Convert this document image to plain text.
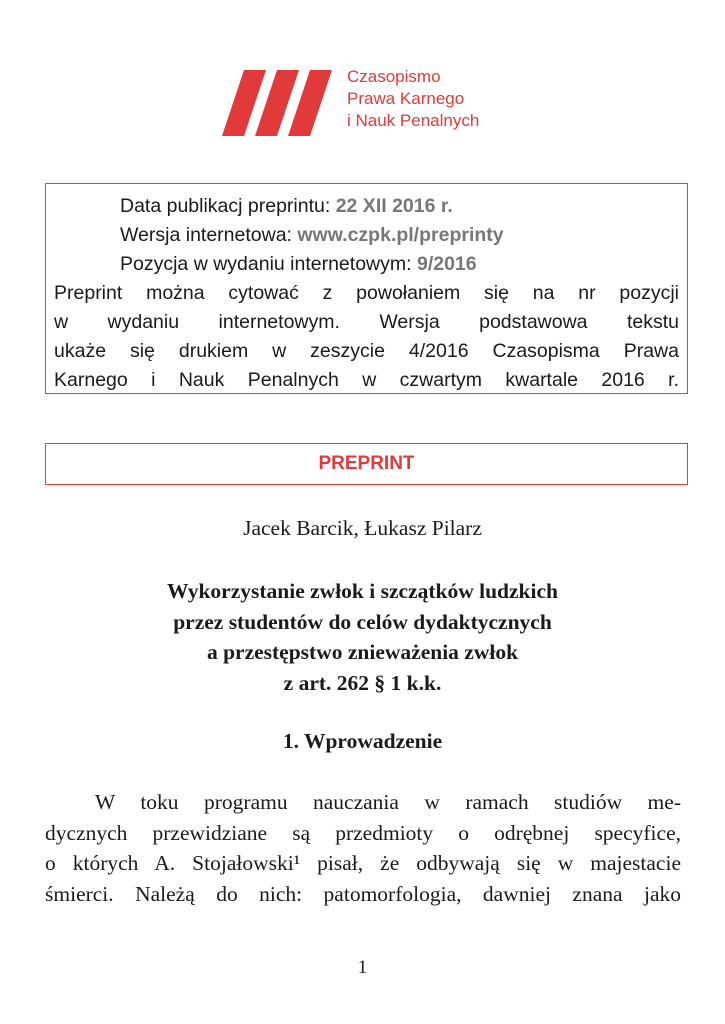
Czasopismo
Prawa Karnego
i Nauk Penalnych
Data publikacj preprintu: 22 XII 2016 r.
Wersja internetowa: www.czpk.pl/preprinty
Pozycja w wydaniu internetowym: 9/2016
Preprint można cytować z powołaniem się na nr pozycji
w wydaniu internetowym. Wersja podstawowa tekstu
ukaże się drukiem w zeszycie 4/2016 Czasopisma Prawa
Karnego i Nauk Penalnych w czwartym kwartale 2016 r.
PREPRINT
Jacek Barcik, Łukasz Pilarz
Wykorzystanie zwłok i szczątków ludzkich
przez studentów do celów dydaktycznych
a przestępstwo znieważenia zwłok
z art. 262 § 1 k.k.
1. Wprowadzenie
W toku programu nauczania w ramach studiów me-
dycznych przewidziane są przedmioty o odrębnej specyfice,
o których A. Stojałowski¹ pisał, że odbywają się w majestacie
śmierci. Należą do nich: patomorfologia, dawniej znana jako
1
